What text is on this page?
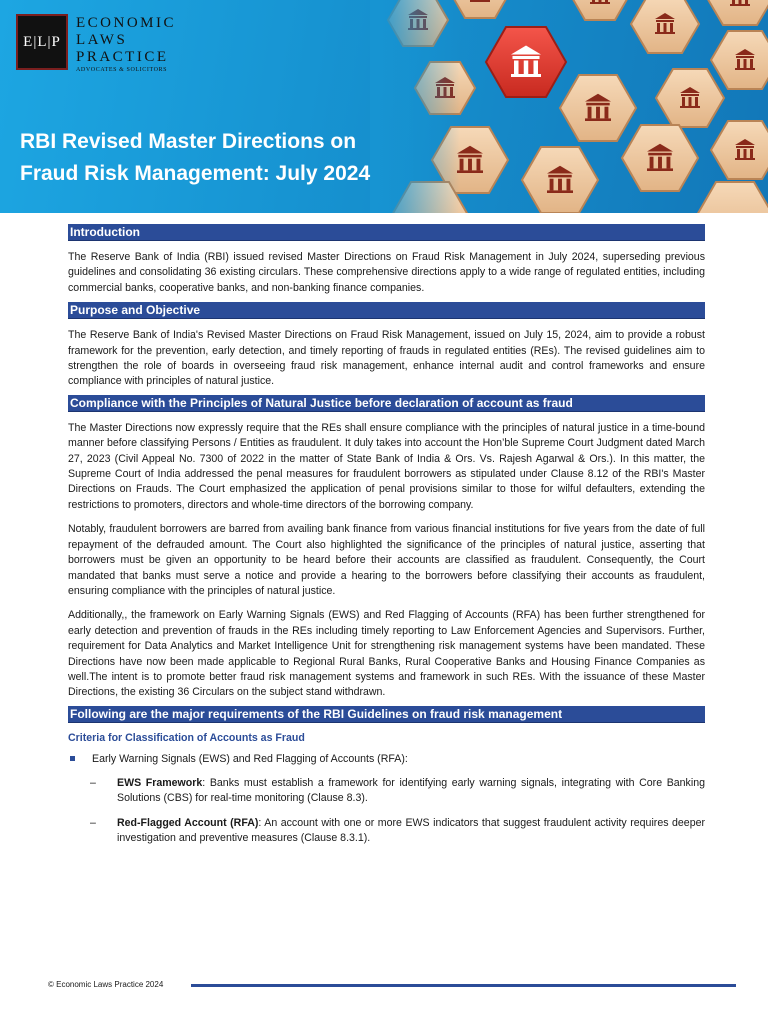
E|L|P
ECONOMIC
LAWS
PRACTICE
ADVOCATES & SOLICITORS
RBI Revised Master Directions on
Fraud Risk Management: July 2024
Introduction

The Reserve Bank of India (RBI) issued revised Master Directions on Fraud Risk Management in July 2024, superseding previous guidelines and consolidating 36 existing circulars. These comprehensive directions apply to a wide range of regulated entities, including commercial banks, cooperative banks, and non-banking finance companies.

Purpose and Objective

The Reserve Bank of India's Revised Master Directions on Fraud Risk Management, issued on July 15, 2024, aim to provide a robust framework for the prevention, early detection, and timely reporting of frauds in regulated entities (REs). The revised guidelines aim to strengthen the role of boards in overseeing fraud risk management, enhance internal audit and control frameworks and ensure compliance with principles of natural justice.

Compliance with the Principles of Natural Justice before declaration of account as fraud

The Master Directions now expressly require that the REs shall ensure compliance with the principles of natural justice in a time-bound manner before classifying Persons / Entities as fraudulent. It duly takes into account the Hon’ble Supreme Court Judgment dated March 27, 2023 (Civil Appeal No. 7300 of 2022 in the matter of State Bank of India & Ors. Vs. Rajesh Agarwal & Ors.). In this matter, the Supreme Court of India addressed the penal measures for fraudulent borrowers as stipulated under Clause 8.12 of the RBI's Master Directions on Frauds. The Court emphasized the application of penal provisions similar to those for wilful defaulters, extending the restrictions to promoters, directors and whole-time directors of the borrowing company.

Notably, fraudulent borrowers are barred from availing bank finance from various financial institutions for five years from the date of full repayment of the defrauded amount. The Court also highlighted the significance of the principles of natural justice, asserting that borrowers must be given an opportunity to be heard before their accounts are classified as fraudulent. Consequently, the Court mandated that banks must serve a notice and provide a hearing to the borrowers before classifying their accounts as fraudulent, ensuring compliance with the principles of natural justice.

Additionally,, the framework on Early Warning Signals (EWS) and Red Flagging of Accounts (RFA) has been further strengthened for early detection and prevention of frauds in the REs including timely reporting to Law Enforcement Agencies and Supervisors. Further, requirement for Data Analytics and Market Intelligence Unit for strengthening risk management systems have been mandated. These Directions have now been made applicable to Regional Rural Banks, Rural Cooperative Banks and Housing Finance Companies as well.The intent is to promote better fraud risk management systems and framework in such REs. With the issuance of these Master Directions, the existing 36 Circulars on the subject stand withdrawn.

Following are the major requirements of the RBI Guidelines on fraud risk management
Criteria for Classification of Accounts as Fraud
Early Warning Signals (EWS) and Red Flagging of Accounts (RFA):
– EWS Framework: Banks must establish a framework for identifying early warning signals, integrating with Core Banking Solutions (CBS) for real-time monitoring (Clause 8.3).

– Red-Flagged Account (RFA): An account with one or more EWS indicators that suggest fraudulent activity requires deeper investigation and preventive measures (Clause 8.3.1).

© Economic Laws Practice 2024
